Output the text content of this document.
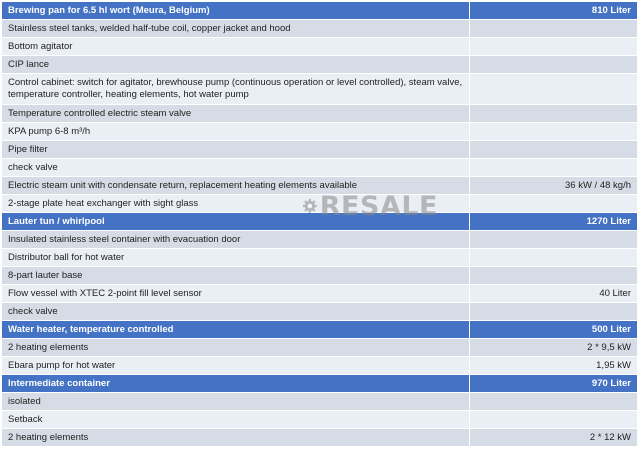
Brewing pan for 6.5 hl wort (Meura, Belgium)	810 Liter
Stainless steel tanks, welded half-tube coil, copper jacket and hood	
Bottom agitator	
CIP lance	
Control cabinet: switch for agitator, brewhouse pump (continuous operation or level controlled), steam valve, temperature controller, heating elements, hot water pump	
Temperature controlled electric steam valve	
KPA pump 6-8 m³/h	
Pipe filter	
check valve	
Electric steam unit with condensate return, replacement heating elements available	36 kW / 48 kg/h
2-stage plate heat exchanger with sight glass	
Lauter tun / whirlpool	1270 Liter
Insulated stainless steel container with evacuation door	
Distributor ball for hot water	
8-part lauter base	
Flow vessel with XTEC 2-point fill level sensor	40 Liter
check valve	
Water heater, temperature controlled	500 Liter
2 heating elements	2 * 9,5 kW
Ebara pump for hot water	1,95 kW
Intermediate container	970 Liter
isolated	
Setback	
2 heating elements	2 * 12 kW
RESALE
